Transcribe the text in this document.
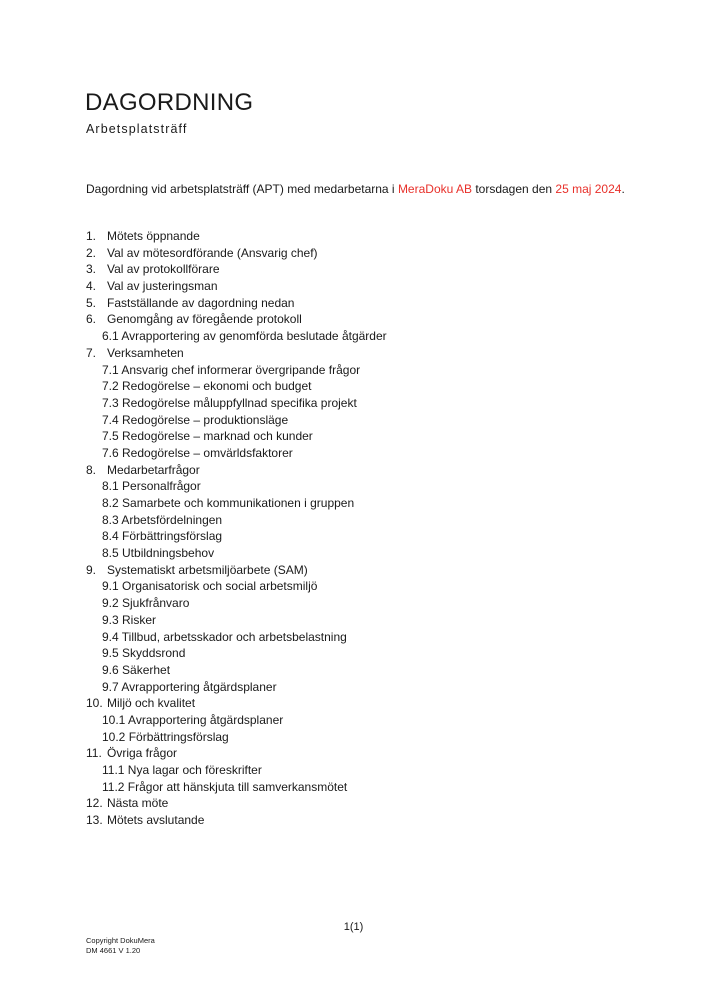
DAGORDNING
Arbetsplatsträff

Dagordning vid arbetsplatsträff (APT) med medarbetarna i MeraDoku AB torsdagen den 25 maj 2024.

1. Mötets öppnande
2. Val av mötesordförande (Ansvarig chef)
3. Val av protokollförare
4. Val av justeringsman
5. Fastställande av dagordning nedan
6. Genomgång av föregående protokoll
6.1 Avrapportering av genomförda beslutade åtgärder
7. Verksamheten
7.1 Ansvarig chef informerar övergripande frågor
7.2 Redogörelse – ekonomi och budget
7.3 Redogörelse måluppfyllnad specifika projekt
7.4 Redogörelse – produktionsläge
7.5 Redogörelse – marknad och kunder
7.6 Redogörelse – omvärldsfaktorer
8. Medarbetarfrågor
8.1 Personalfrågor
8.2 Samarbete och kommunikationen i gruppen
8.3 Arbetsfördelningen
8.4 Förbättringsförslag
8.5 Utbildningsbehov
9. Systematiskt arbetsmiljöarbete (SAM)
9.1 Organisatorisk och social arbetsmiljö
9.2 Sjukfrånvaro
9.3 Risker
9.4 Tillbud, arbetsskador och arbetsbelastning
9.5 Skyddsrond
9.6 Säkerhet
9.7 Avrapportering åtgärdsplaner
10. Miljö och kvalitet
10.1 Avrapportering åtgärdsplaner
10.2 Förbättringsförslag
11. Övriga frågor
11.1 Nya lagar och föreskrifter
11.2 Frågor att hänskjuta till samverkansmötet
12. Nästa möte
13. Mötets avslutande
1(1)
Copyright DokuMera
DM 4661 V 1.20
